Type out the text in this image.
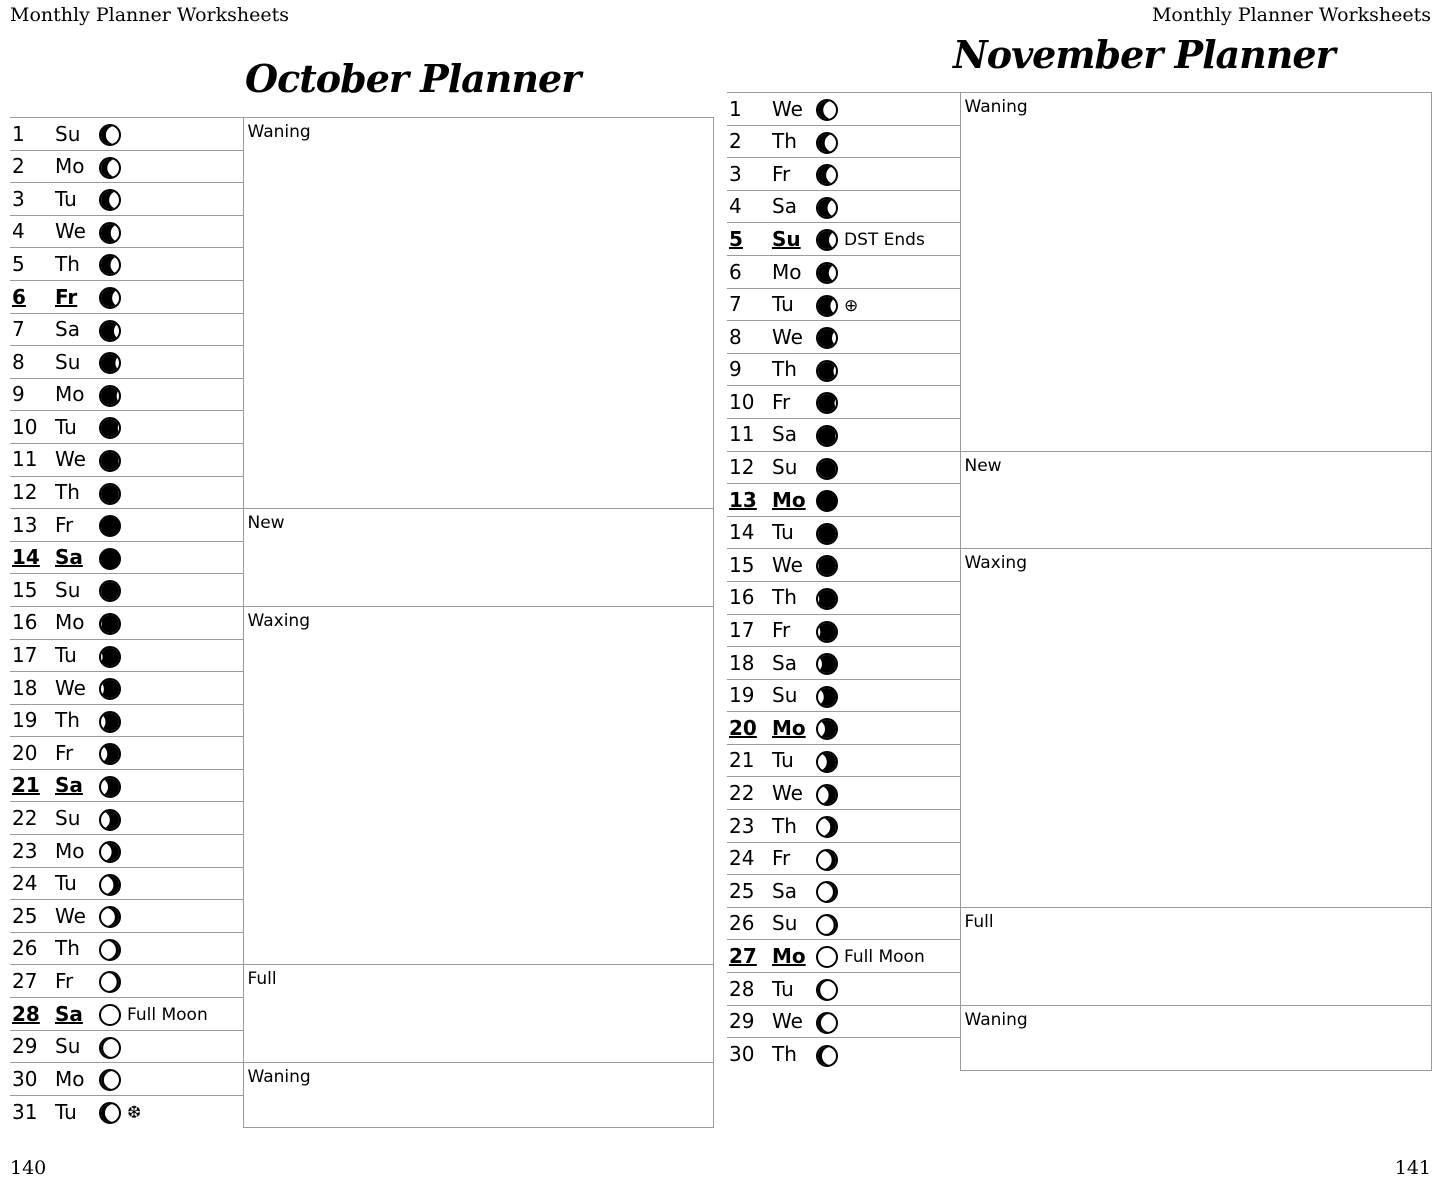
Monthly Planner Worksheets
October Planner
1 Su	Waning
2 Mo	
3 Tu	
4 We	
5 Th	
6 Fr	
7 Sa	
8 Su	
9 Mo	
10 Tu	
11 We	
12 Th	
13 Fr	New
14 Sa	
15 Su	
16 Mo	Waxing
17 Tu	
18 We	
19 Th	
20 Fr	
21 Sa	
22 Su	
23 Mo	
24 Tu	
25 We	
26 Th	
27 Fr	Full
28 Sa Full Moon	
29 Su	
30 Mo	Waning
31 Tu ❆	
140
Monthly Planner Worksheets
November Planner
1 We	Waning
2 Th	
3 Fr	
4 Sa	
5 Su DST Ends	
6 Mo	
7 Tu ⊕	
8 We	
9 Th	
10 Fr	
11 Sa	
12 Su	New
13 Mo	
14 Tu	
15 We	Waxing
16 Th	
17 Fr	
18 Sa	
19 Su	
20 Mo	
21 Tu	
22 We	
23 Th	
24 Fr	
25 Sa	
26 Su	Full
27 Mo Full Moon	
28 Tu	
29 We	Waning
30 Th	
141
